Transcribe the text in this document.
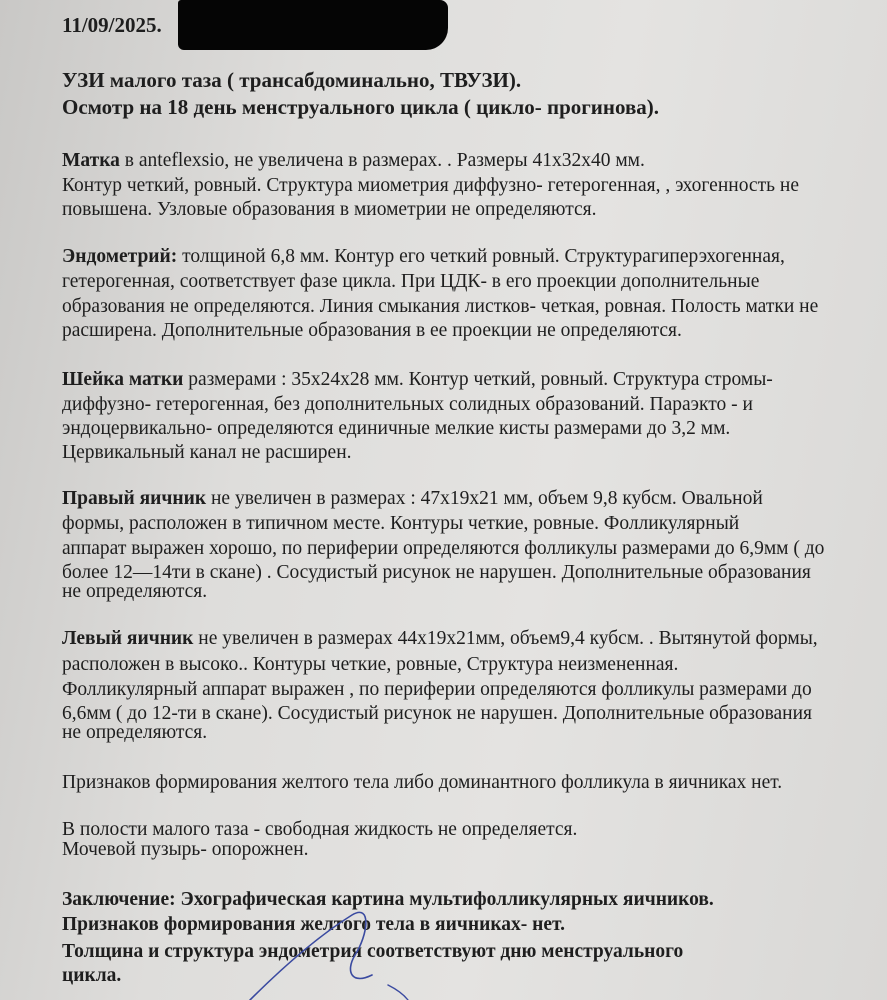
11/09/2025.
УЗИ малого таза ( трансабдоминально, ТВУЗИ).
Осмотр на 18 день менструального цикла ( цикло- прогинова).
Матка в anteflexsio, не увеличена в размерах. . Размеры 41х32х40 мм.
Контур четкий, ровный. Структура миометрия диффузно- гетерогенная, , эхогенность не
повышена. Узловые образования в миометрии не определяются.
Эндометрий: толщиной 6,8 мм. Контур его четкий ровный. Структурагиперэхогенная,
гетерогенная, соответствует фазе цикла. При ЦДК- в его проекции дополнительные
образования не определяются. Линия смыкания листков- четкая, ровная. Полость матки не
расширена. Дополнительные образования в ее проекции не определяются.
Шейка матки размерами : 35х24х28 мм. Контур четкий, ровный. Структура стромы-
диффузно- гетерогенная, без дополнительных солидных образований. Параэкто - и
эндоцервикально- определяются единичные мелкие кисты размерами до 3,2 мм.
Цервикальный канал не расширен.
Правый яичник не увеличен в размерах : 47х19х21 мм, объем 9,8 кубсм. Овальной
формы, расположен в типичном месте. Контуры четкие, ровные. Фолликулярный
аппарат выражен хорошо, по периферии определяются фолликулы размерами до 6,9мм ( до
более 12—14ти в скане) . Сосудистый рисунок не нарушен. Дополнительные образования
не определяются.
Левый яичник не увеличен в размерах 44х19х21мм, объем9,4 кубсм. . Вытянутой формы,
расположен в высоко.. Контуры четкие, ровные, Структура неизмененная.
Фолликулярный аппарат выражен , по периферии определяются фолликулы размерами до
6,6мм ( до 12-ти в скане). Сосудистый рисунок не нарушен. Дополнительные образования
не определяются.
Признаков формирования желтого тела либо доминантного фолликула в яичниках нет.
В полости малого таза - свободная жидкость не определяется.
Мочевой пузырь- опорожнен.
Заключение: Эхографическая картина мультифолликулярных яичников.
Признаков формирования желтого тела в яичниках- нет.
Толщина и структура эндометрия соответствуют дню менструального
цикла.
